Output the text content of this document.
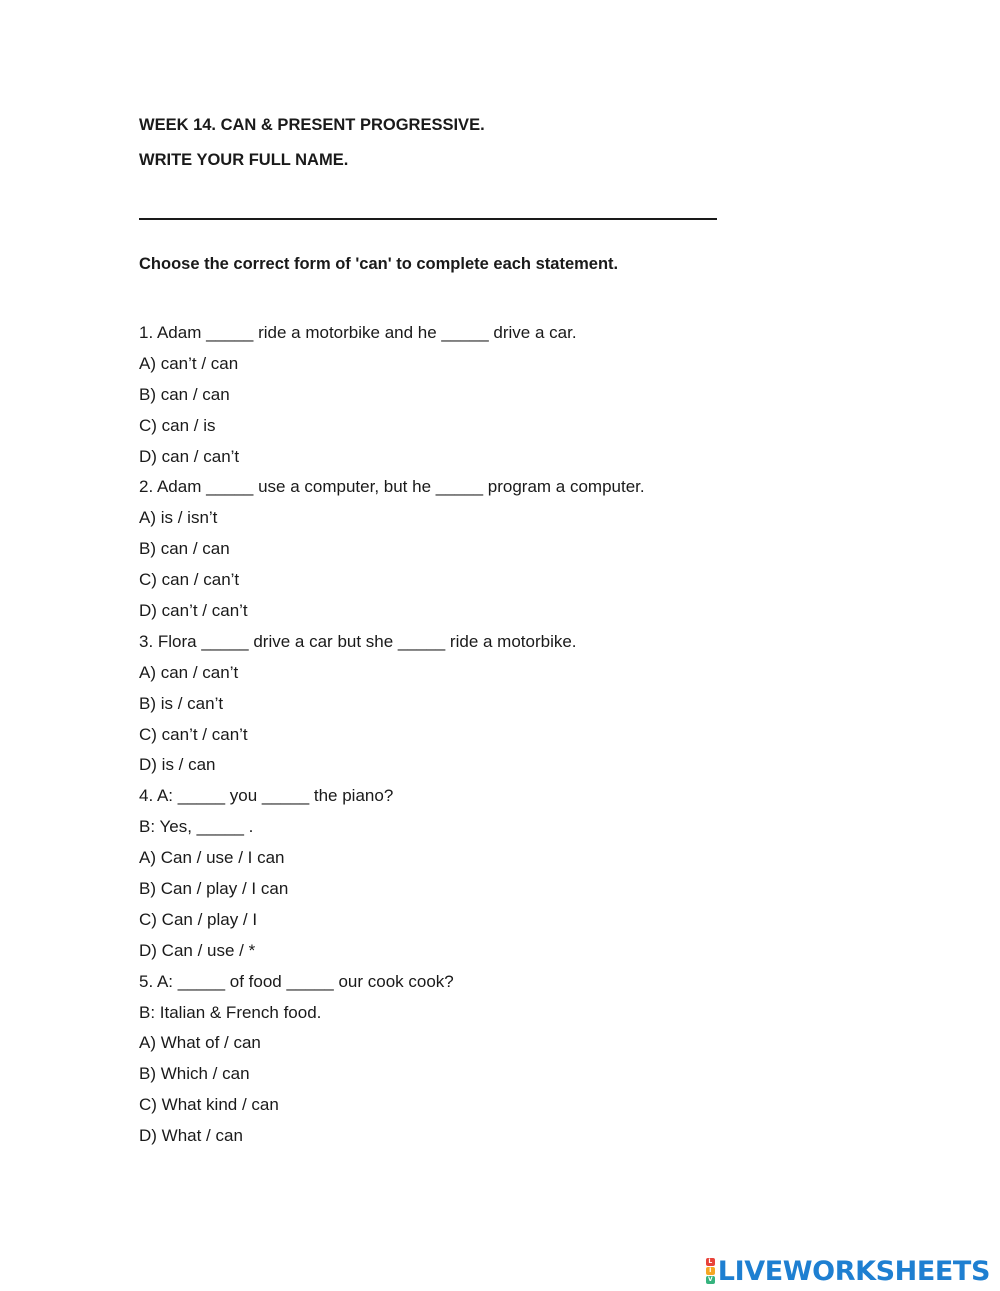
WEEK 14. CAN & PRESENT PROGRESSIVE.

WRITE YOUR FULL NAME.

Choose the correct form of 'can' to complete each statement.

1. Adam _____ ride a motorbike and he _____ drive a car.
A) can’t / can
B) can / can
C) can / is
D) can / can’t
2. Adam _____ use a computer, but he _____ program a computer.
A) is / isn’t
B) can / can
C) can / can’t
D) can’t / can’t
3. Flora _____ drive a car but she _____ ride a motorbike.
A) can / can’t
B) is / can’t
C) can’t / can’t
D) is / can
4. A: _____ you _____ the piano?
B: Yes, _____ .
A) Can / use / I can
B) Can / play / I can
C) Can / play / I
D) Can / use / *
5. A: _____ of food _____ our cook cook?
B: Italian & French food.
A) What of / can
B) Which / can
C) What kind / can
D) What / can
L
I
V LIVEWORKSHEETS
